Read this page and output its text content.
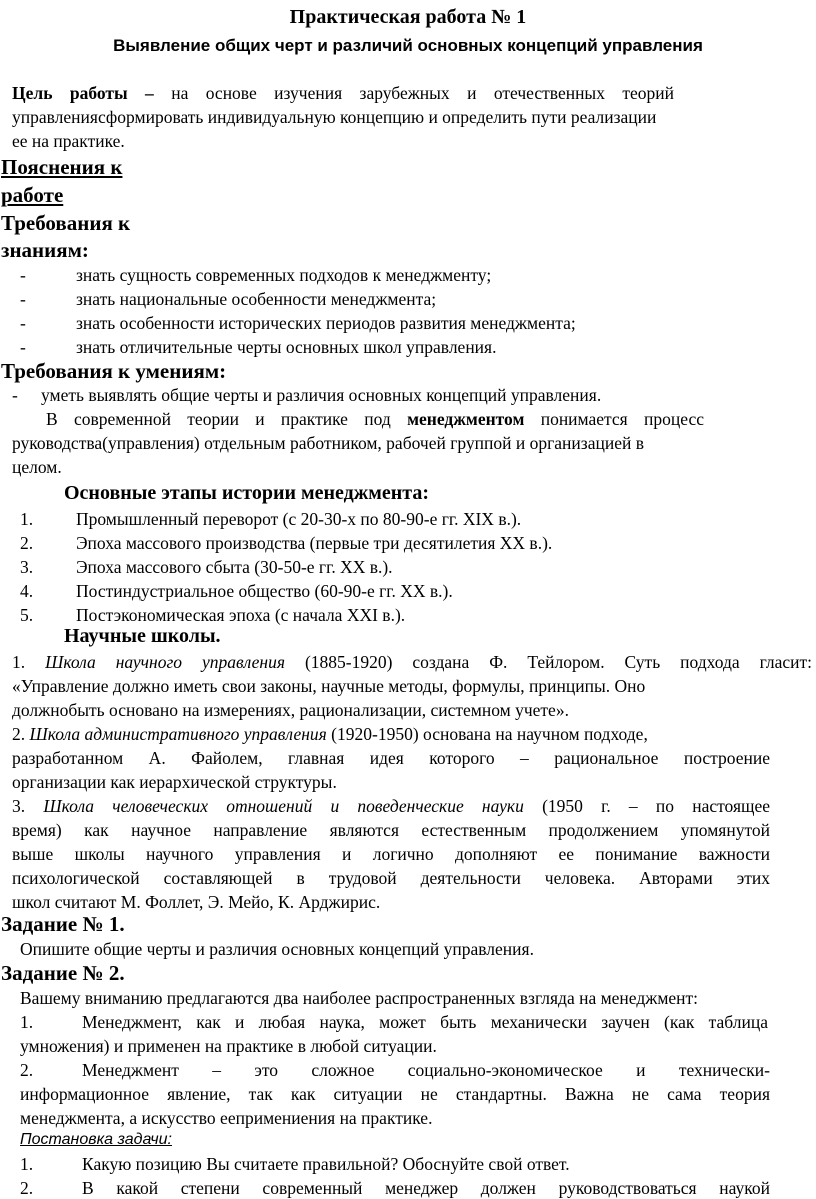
Практическая работа № 1
Выявление общих черт и различий основных концепций управления
Цель работы – на основе изучения зарубежных и отечественных теорий
управлениясформировать индивидуальную концепцию и определить пути реализации
ее на практике.
Пояснения к
работе
Требования к
знаниям:
-	знать сущность современных подходов к менеджменту;
-	знать национальные особенности менеджмента;
-	знать особенности исторических периодов развития менеджмента;
-	знать отличительные черты основных школ управления.
Требования к умениям:
- уметь выявлять общие черты и различия основных концепций управления.
В современной теории и практике под менеджментом понимается процесс
руководства(управления) отдельным работником, рабочей группой и организацией в
целом.
Основные этапы истории менеджмента:
1. Промышленный переворот (с 20-30-х по 80-90-е гг. XIX в.).
2. Эпоха массового производства (первые три десятилетия XX в.).
3. Эпоха массового сбыта (30-50-е гг. XX в.).
4. Постиндустриальное общество (60-90-е гг. XX в.).
5. Постэкономическая эпоха (с начала XXI в.).
Научные школы.
1. Школа научного управления (1885-1920) создана Ф. Тейлором. Суть подхода гласит:
«Управление должно иметь свои законы, научные методы, формулы, принципы. Оно
должнобыть основано на измерениях, рационализации, системном учете».
2. Школа административного управления (1920-1950) основана на научном подходе,
разработанном А. Файолем, главная идея которого – рациональное построение
организации как иерархической структуры.
3. Школа человеческих отношений и поведенческие науки (1950 г. – по настоящее
время) как научное направление являются естественным продолжением упомянутой
выше школы научного управления и логично дополняют ее понимание важности
психологической составляющей в трудовой деятельности человека. Авторами этих
школ считают М. Фоллет, Э. Мейо, К. Арджирис.
Задание № 1.
Опишите общие черты и различия основных концепций управления.
Задание № 2.
Вашему вниманию предлагаются два наиболее распространенных взгляда на менеджмент:
1.	Менеджмент, как и любая наука, может быть механически заучен (как таблица
умножения) и применен на практике в любой ситуации.
2.	Менеджмент – это сложное социально-экономическое и технически-
информационное явление, так как ситуации не стандартны. Важна не сама теория
менеджмента, а искусство еепримениения на практике.
Постановка задачи:
1.	Какую позицию Вы считаете правильной? Обоснуйте свой ответ.
2.	В какой степени современный менеджер должен руководствоваться наукой
